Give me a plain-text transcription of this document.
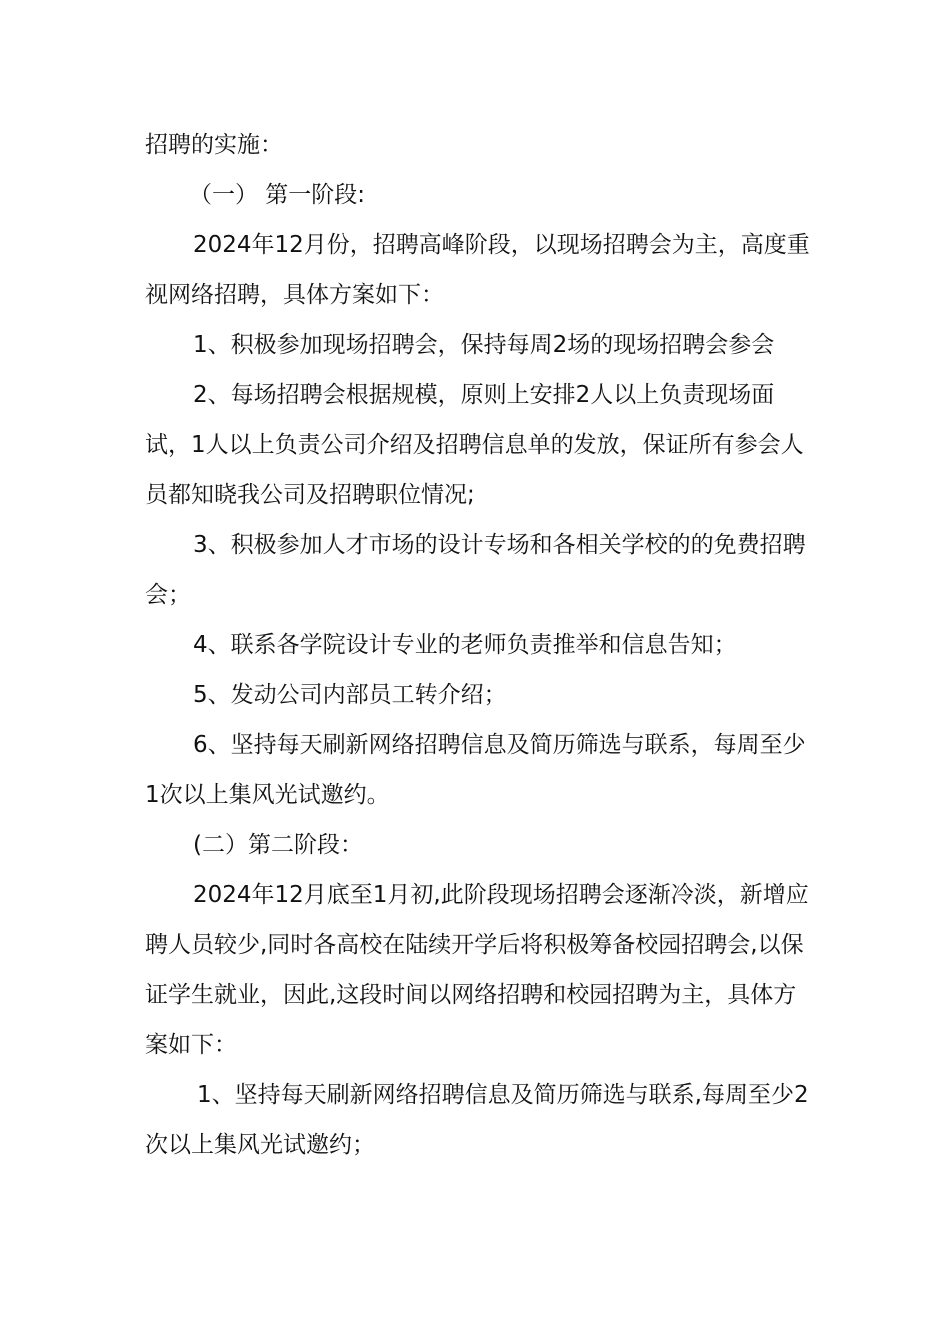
招聘的实施：

（一） 第一阶段:

2024年12月份，招聘高峰阶段，以现场招聘会为主，高度重视网络招聘，具体方案如下：

1、积极参加现场招聘会，保持每周2场的现场招聘会参会

2、每场招聘会根据规模，原则上安排2人以上负责现场面试，1人以上负责公司介绍及招聘信息单的发放，保证所有参会人员都知晓我公司及招聘职位情况;

3、积极参加人才市场的设计专场和各相关学校的的免费招聘会；

4、联系各学院设计专业的老师负责推举和信息告知；

5、发动公司内部员工转介绍；

6、坚持每天刷新网络招聘信息及简历筛选与联系，每周至少1次以上集风光试邀约。

(二）第二阶段：

2024年12月底至1月初,此阶段现场招聘会逐渐冷淡，新增应聘人员较少,同时各高校在陆续开学后将积极筹备校园招聘会,以保证学生就业，因此,这段时间以网络招聘和校园招聘为主，具体方案如下：

1、坚持每天刷新网络招聘信息及简历筛选与联系,每周至少2次以上集风光试邀约；
